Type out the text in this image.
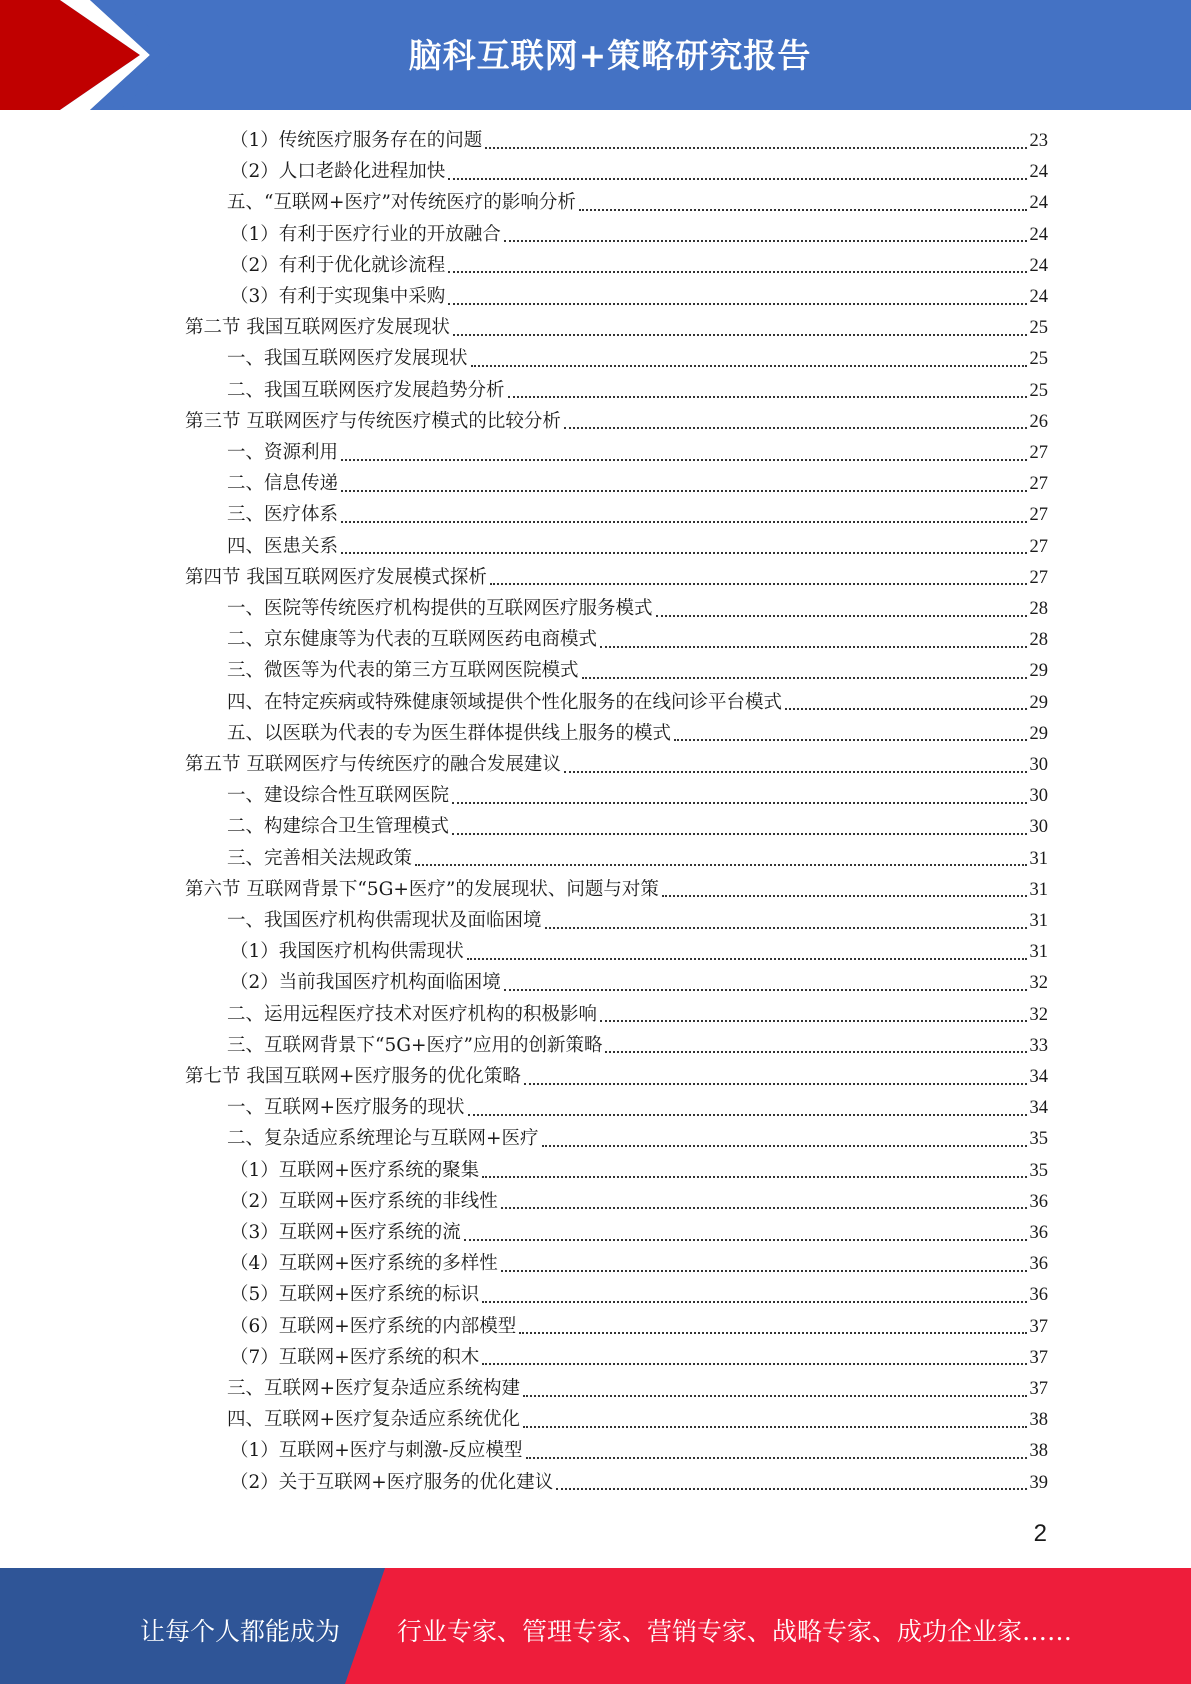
脑科互联网+策略研究报告
（1）传统医疗服务存在的问题	23
（2）人口老龄化进程加快	24
五、“互联网+医疗”对传统医疗的影响分析	24
（1）有利于医疗行业的开放融合	24
（2）有利于优化就诊流程	24
（3）有利于实现集中采购	24
第二节 我国互联网医疗发展现状	25
一、我国互联网医疗发展现状	25
二、我国互联网医疗发展趋势分析	25
第三节 互联网医疗与传统医疗模式的比较分析	26
一、资源利用	27
二、信息传递	27
三、医疗体系	27
四、医患关系	27
第四节 我国互联网医疗发展模式探析	27
一、医院等传统医疗机构提供的互联网医疗服务模式	28
二、京东健康等为代表的互联网医药电商模式	28
三、微医等为代表的第三方互联网医院模式	29
四、在特定疾病或特殊健康领域提供个性化服务的在线问诊平台模式	29
五、以医联为代表的专为医生群体提供线上服务的模式	29
第五节 互联网医疗与传统医疗的融合发展建议	30
一、建设综合性互联网医院	30
二、构建综合卫生管理模式	30
三、完善相关法规政策	31
第六节 互联网背景下“5G+医疗”的发展现状、问题与对策	31
一、我国医疗机构供需现状及面临困境	31
（1）我国医疗机构供需现状	31
（2）当前我国医疗机构面临困境	32
二、运用远程医疗技术对医疗机构的积极影响	32
三、互联网背景下“5G+医疗”应用的创新策略	33
第七节 我国互联网+医疗服务的优化策略	34
一、互联网+医疗服务的现状	34
二、复杂适应系统理论与互联网+医疗	35
（1）互联网+医疗系统的聚集	35
（2）互联网+医疗系统的非线性	36
（3）互联网+医疗系统的流	36
（4）互联网+医疗系统的多样性	36
（5）互联网+医疗系统的标识	36
（6）互联网+医疗系统的内部模型	37
（7）互联网+医疗系统的积木	37
三、互联网+医疗复杂适应系统构建	37
四、互联网+医疗复杂适应系统优化	38
（1）互联网+医疗与刺激-反应模型	38
（2）关于互联网+医疗服务的优化建议	39
2
让每个人都能成为 行业专家、管理专家、营销专家、战略专家、成功企业家……
